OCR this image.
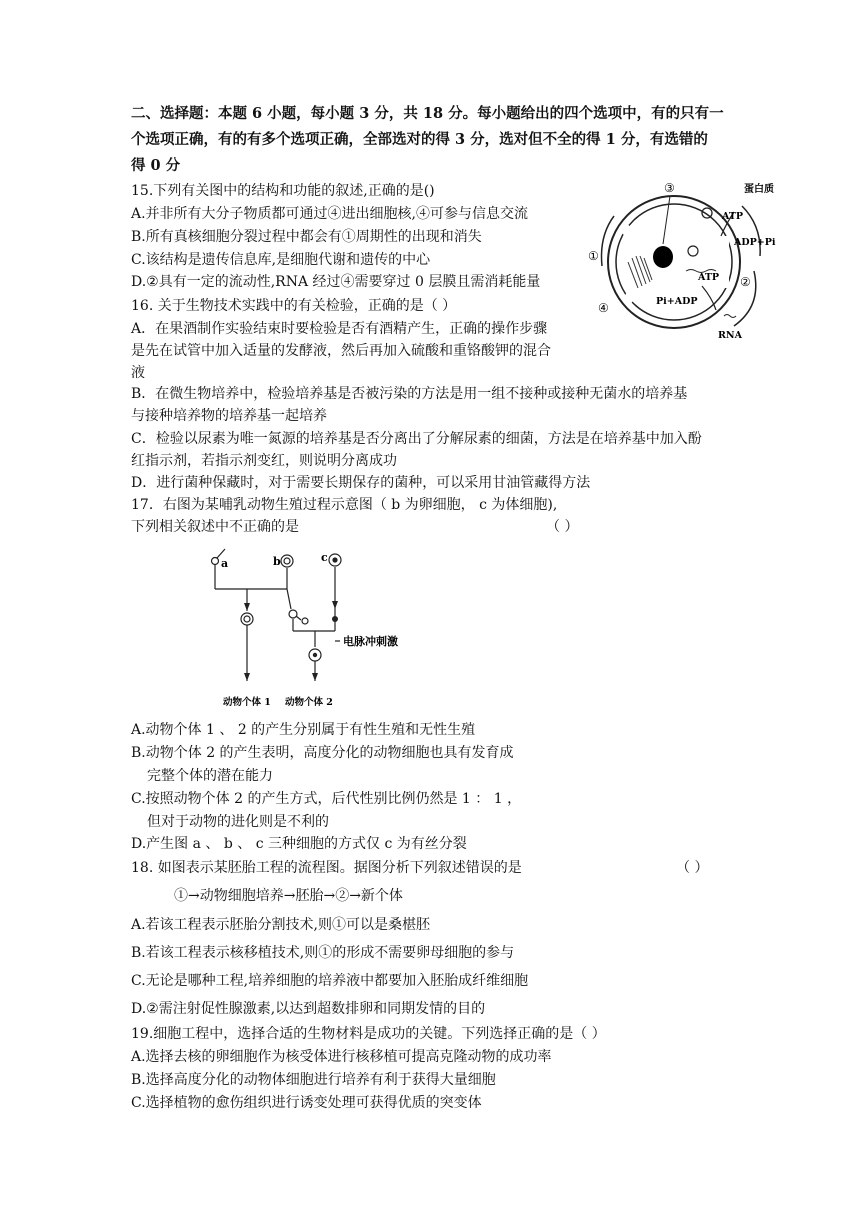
二、选择题：本题 6 小题，每小题 3 分，共 18 分。每小题给出的四个选项中，有的只有一
个选项正确，有的有多个选项正确，全部选对的得 3 分，选对但不全的得 1 分，有选错的
得 0 分
15.下列有关图中的结构和功能的叙述,正确的是()
A.并非所有大分子物质都可通过④进出细胞核,④可参与信息交流
B.所有真核细胞分裂过程中都会有①周期性的出现和消失
C.该结构是遗传信息库,是细胞代谢和遗传的中心
D.②具有一定的流动性,RNA 经过④需要穿过 0 层膜且需消耗能量
③
①
②
④
蛋白质
ATP
ADP+Pi
ATP
Pi+ADP
RNA
16. 关于生物技术实践中的有关检验，正确的是（ ）
A．在果酒制作实验结束时要检验是否有酒精产生，正确的操作步骤
是先在试管中加入适量的发酵液，然后再加入硫酸和重铬酸钾的混合
液
B．在微生物培养中，检验培养基是否被污染的方法是用一组不接种或接种无菌水的培养基
与接种培养物的培养基一起培养
C．检验以尿素为唯一氮源的培养基是否分离出了分解尿素的细菌，方法是在培养基中加入酚
红指示剂，若指示剂变红，则说明分离成功
D．进行菌种保藏时，对于需要长期保存的菌种，可以采用甘油管藏得方法
17．右图为某哺乳动物生殖过程示意图（ b 为卵细胞， c 为体细胞),
下列相关叙述中不正确的是	（ ）
a	b	c
电脉冲刺激
动物个体 1 动物个体 2
A.动物个体 1 、 2 的产生分别属于有性生殖和无性生殖
B.动物个体 2 的产生表明，高度分化的动物细胞也具有发育成
完整个体的潜在能力
C.按照动物个体 2 的产生方式，后代性别比例仍然是 1 ： 1 ，
但对于动物的进化则是不利的
D.产生图 a 、 b 、 c 三种细胞的方式仅 c 为有丝分裂
18. 如图表示某胚胎工程的流程图。据图分析下列叙述错误的是	（ ）
①→动物细胞培养→胚胎→②→新个体
A.若该工程表示胚胎分割技术,则①可以是桑椹胚
B.若该工程表示核移植技术,则①的形成不需要卵母细胞的参与
C.无论是哪种工程,培养细胞的培养液中都要加入胚胎成纤维细胞
D.②需注射促性腺激素,以达到超数排卵和同期发情的目的
19.细胞工程中，选择合适的生物材料是成功的关键。下列选择正确的是（ ）
A.选择去核的卵细胞作为核受体进行核移植可提高克隆动物的成功率
B.选择高度分化的动物体细胞进行培养有利于获得大量细胞
C.选择植物的愈伤组织进行诱变处理可获得优质的突变体
